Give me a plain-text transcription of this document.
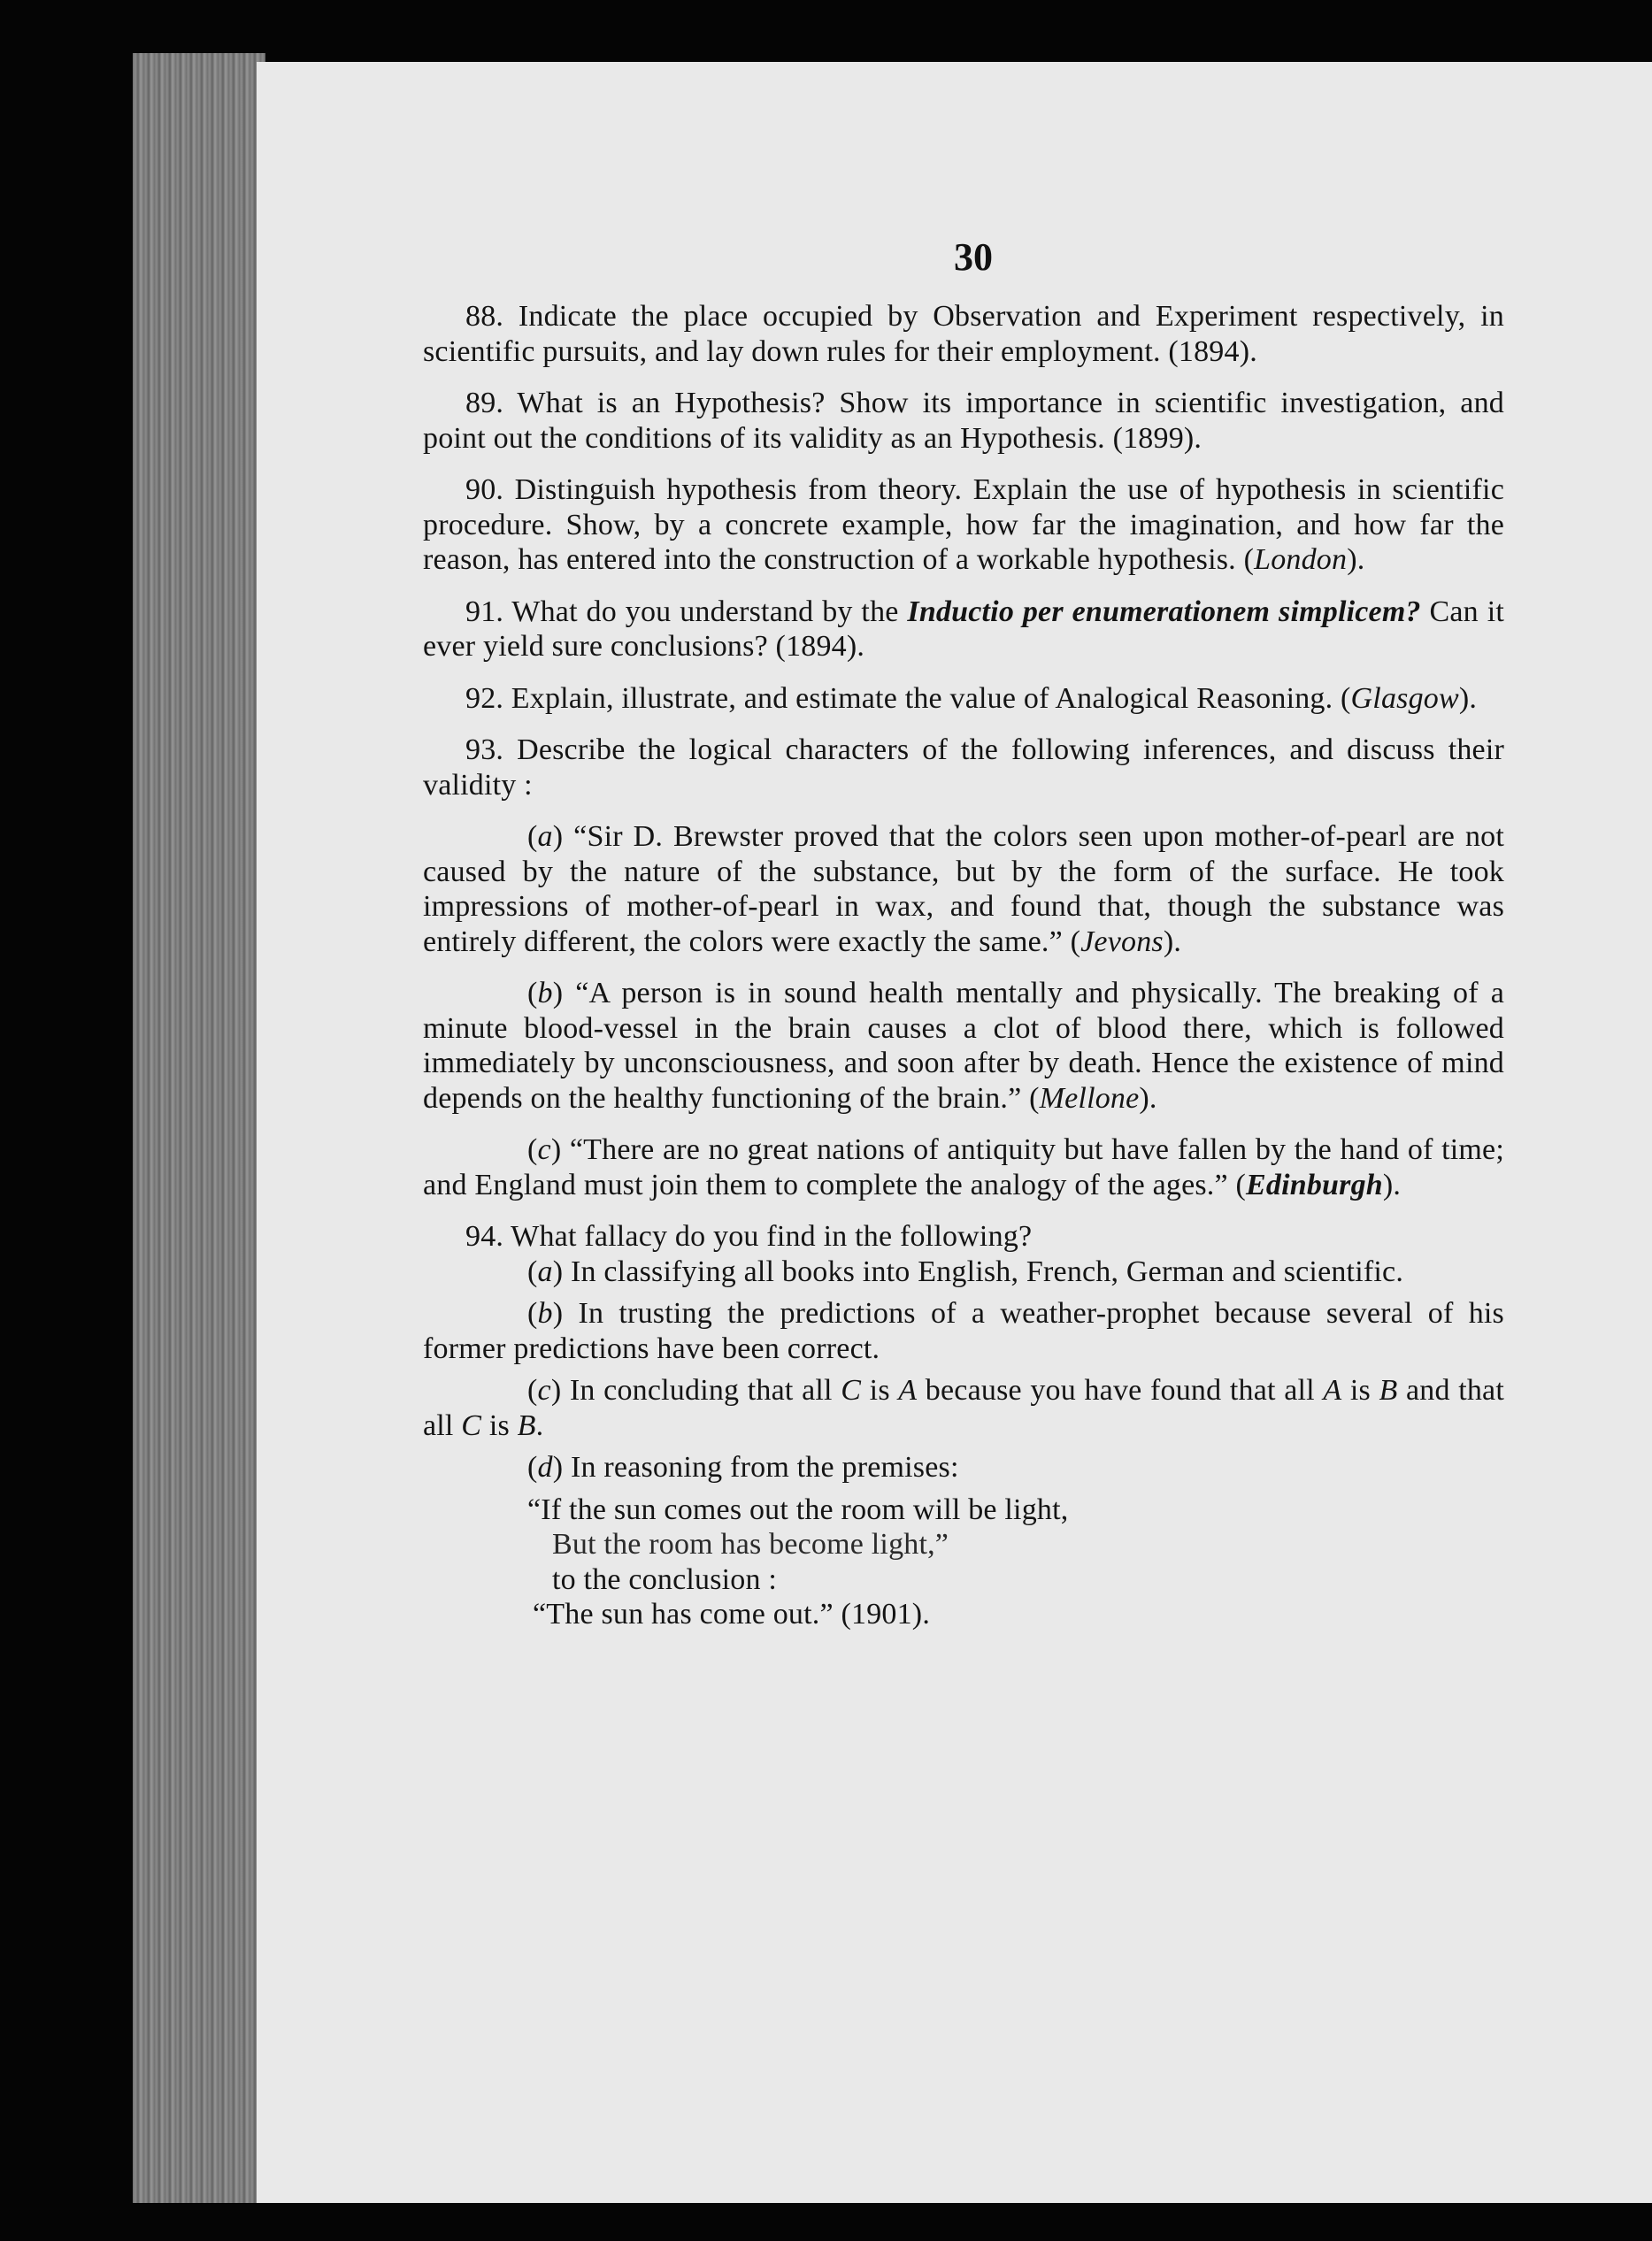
30

88. Indicate the place occupied by Observation and Experiment respectively, in scientific pursuits, and lay down rules for their employment. (1894).

89. What is an Hypothesis? Show its importance in scientific investigation, and point out the conditions of its validity as an Hypothesis. (1899).

90. Distinguish hypothesis from theory. Explain the use of hypothesis in scientific procedure. Show, by a concrete example, how far the imagination, and how far the reason, has entered into the construction of a workable hypothesis. (London).

91. What do you understand by the Inductio per enumerationem simplicem? Can it ever yield sure conclusions? (1894).

92. Explain, illustrate, and estimate the value of Analogical Reasoning. (Glasgow).

93. Describe the logical characters of the following inferences, and discuss their validity :

(a) “Sir D. Brewster proved that the colors seen upon mother-of-pearl are not caused by the nature of the substance, but by the form of the surface. He took impressions of mother-of-pearl in wax, and found that, though the substance was entirely different, the colors were exactly the same.” (Jevons).

(b) “A person is in sound health mentally and physically. The breaking of a minute blood-vessel in the brain causes a clot of blood there, which is followed immediately by unconsciousness, and soon after by death. Hence the existence of mind depends on the healthy functioning of the brain.” (Mellone).

(c) “There are no great nations of antiquity but have fallen by the hand of time; and England must join them to complete the analogy of the ages.” (Edinburgh).

94. What fallacy do you find in the following?

(a) In classifying all books into English, French, German and scientific.

(b) In trusting the predictions of a weather-prophet because several of his former predictions have been correct.

(c) In concluding that all C is A because you have found that all A is B and that all C is B.

(d) In reasoning from the premises:

“If the sun comes out the room will be light,
But the room has become light,”
to the conclusion :
“The sun has come out.” (1901).
